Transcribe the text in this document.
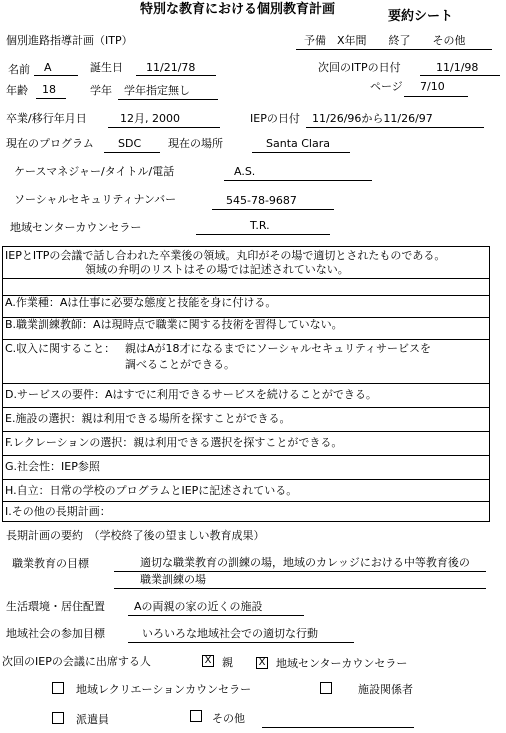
特別な教育における個別教育計画	要約シート
個別進路指導計画（ITP）	予備　X年間　　終了　　その他
名前 A	誕生日 11/21/78	次回のITPの日付	11/1/98
ページ 7/10
年齢 18	学年 学年指定無し
卒業/移行年月日	12月, 2000	IEPの日付 11/26/96から11/26/97
現在のプログラム SDC 現在の場所	Santa Clara
ケースマネジャー/タイトル/電話	A.S.
ソーシャルセキュリティナンバー	545-78-9687
地域センターカウンセラー	T.R.
IEPとITPの会議で話し合われた卒業後の領域。丸印がその場で適切とされたものである。
領域の弁明のリストはその場では記述されていない。
A.作業種：Aは仕事に必要な態度と技能を身に付ける。
B.職業訓練教師：Aは現時点で職業に関する技術を習得していない。
C.収入に関すること： 親はAが18才になるまでにソーシャルセキュリティサービスを
調べることができる。
D.サービスの要件：Aはすでに利用できるサービスを続けることができる。
E.施設の選択：親は利用できる場所を探すことができる。
F.レクレーションの選択：親は利用できる選択を探すことができる。
G.社会性：IEP参照
H.自立：日常の学校のプログラムとIEPに記述されている。
I.その他の長期計画：
長期計画の要約　（学校終了後の望ましい教育成果）
職業教育の目標	適切な職業教育の訓練の場，地域のカレッジにおける中等教育後の
職業訓練の場
生活環境・居住配置	Aの両親の家の近くの施設
地域社会の参加目標	いろいろな地域社会での適切な行動
次回のIEPの会議に出席する人	X 親	X 地域センターカウンセラー
地域レクリエーションカウンセラー	施設関係者
派遣員	その他
